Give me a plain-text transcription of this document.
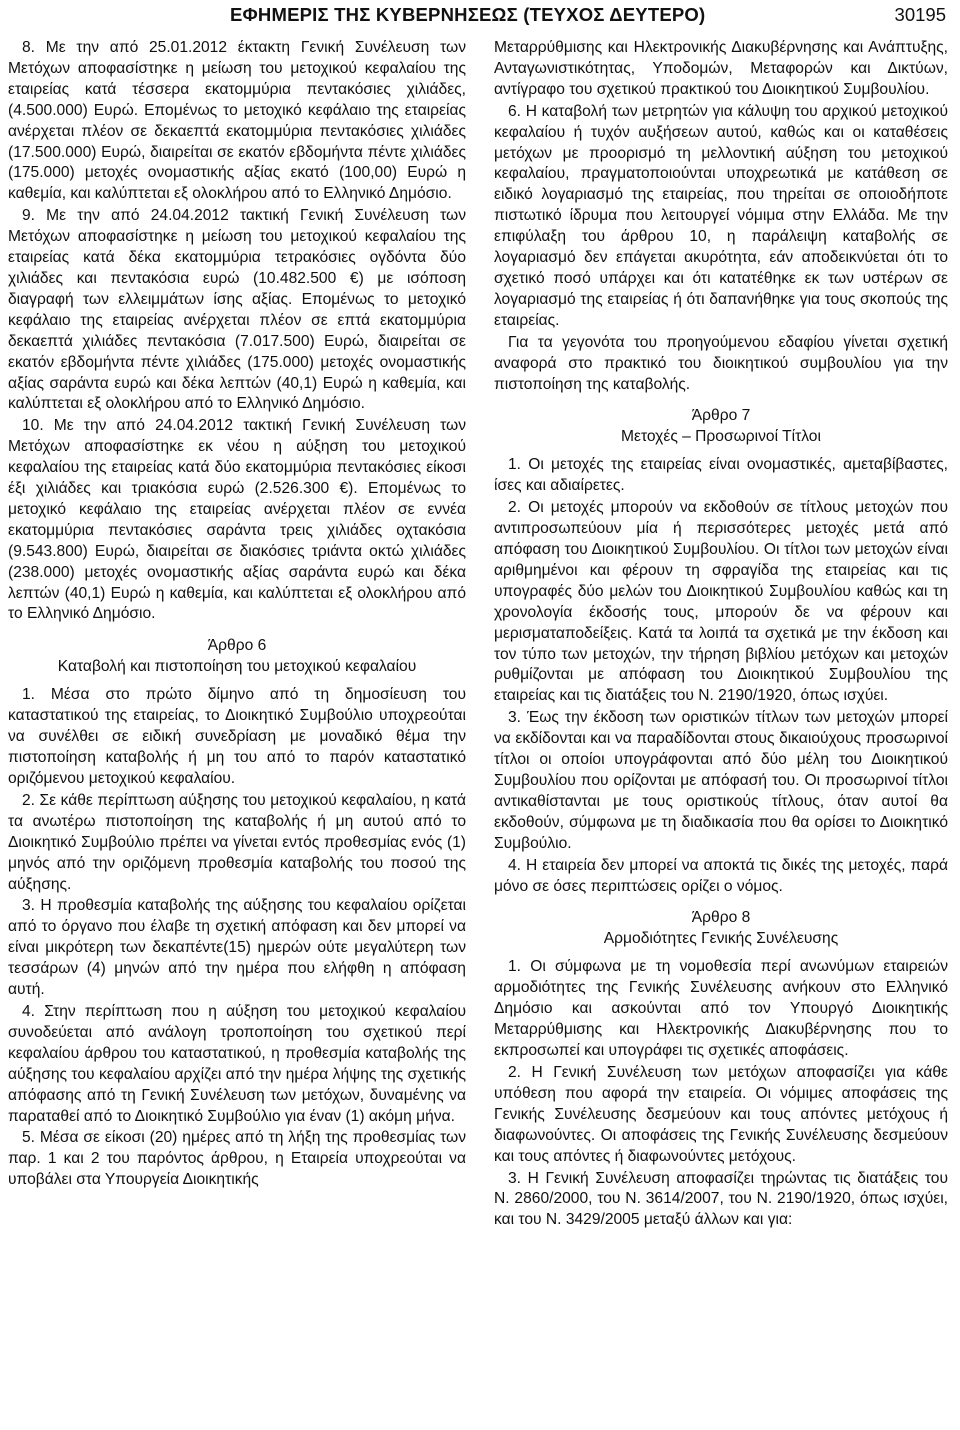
ΕΦΗΜΕΡΙΣ ΤΗΣ ΚΥΒΕΡΝΗΣΕΩΣ (ΤΕΥΧΟΣ ΔΕΥΤΕΡΟ)	30195

8. Με την από 25.01.2012 έκτακτη Γενική Συνέλευση των Μετόχων αποφασίστηκε η μείωση του μετοχικού κεφαλαίου της εταιρείας κατά τέσσερα εκατομμύρια πεντακόσιες χιλιάδες, (4.500.000) Ευρώ. Επομένως το μετοχικό κεφάλαιο της εταιρείας ανέρχεται πλέον σε δεκαεπτά εκατομμύρια πεντακόσιες χιλιάδες (17.500.000) Ευρώ, διαιρείται σε εκατόν εβδομήντα πέντε χιλιάδες (175.000) μετοχές ονομαστικής αξίας εκατό (100,00) Ευρώ η καθεμία, και καλύπτεται εξ ολοκλήρου από το Ελληνικό Δημόσιο.

9. Με την από 24.04.2012 τακτική Γενική Συνέλευση των Μετόχων αποφασίστηκε η μείωση του μετοχικού κεφαλαίου της εταιρείας κατά δέκα εκατομμύρια τετρακόσιες ογδόντα δύο χιλιάδες και πεντακόσια ευρώ (10.482.500 €) με ισόποση διαγραφή των ελλειμμάτων ίσης αξίας. Επομένως το μετοχικό κεφάλαιο της εταιρείας ανέρχεται πλέον σε επτά εκατομμύρια δεκαεπτά χιλιάδες πεντακόσια (7.017.500) Ευρώ, διαιρείται σε εκατόν εβδομήντα πέντε χιλιάδες (175.000) μετοχές ονομαστικής αξίας σαράντα ευρώ και δέκα λεπτών (40,1) Ευρώ η καθεμία, και καλύπτεται εξ ολοκλήρου από το Ελληνικό Δημόσιο.

10. Με την από 24.04.2012 τακτική Γενική Συνέλευση των Μετόχων αποφασίστηκε εκ νέου η αύξηση του μετοχικού κεφαλαίου της εταιρείας κατά δύο εκατομμύρια πεντακόσιες είκοσι έξι χιλιάδες και τριακόσια ευρώ (2.526.300 €). Επομένως το μετοχικό κεφάλαιο της εταιρείας ανέρχεται πλέον σε εννέα εκατομμύρια πεντακόσιες σαράντα τρεις χιλιάδες οχτακόσια (9.543.800) Ευρώ, διαιρείται σε διακόσιες τριάντα οκτώ χιλιάδες (238.000) μετοχές ονομαστικής αξίας σαράντα ευρώ και δέκα λεπτών (40,1) Ευρώ η καθεμία, και καλύπτεται εξ ολοκλήρου από το Ελληνικό Δημόσιο.

Άρθρο 6
Καταβολή και πιστοποίηση του μετοχικού κεφαλαίου

1. Μέσα στο πρώτο δίμηνο από τη δημοσίευση του καταστατικού της εταιρείας, το Διοικητικό Συμβούλιο υποχρεούται να συνέλθει σε ειδική συνεδρίαση με μοναδικό θέμα την πιστοποίηση καταβολής ή μη του από το παρόν καταστατικό οριζόμενου μετοχικού κεφαλαίου.

2. Σε κάθε περίπτωση αύξησης του μετοχικού κεφαλαίου, η κατά τα ανωτέρω πιστοποίηση της καταβολής ή μη αυτού από το Διοικητικό Συμβούλιο πρέπει να γίνεται εντός προθεσμίας ενός (1) μηνός από την οριζόμενη προθεσμία καταβολής του ποσού της αύξησης.

3. Η προθεσμία καταβολής της αύξησης του κεφαλαίου ορίζεται από το όργανο που έλαβε τη σχετική απόφαση και δεν μπορεί να είναι μικρότερη των δεκαπέντε(15) ημερών ούτε μεγαλύτερη των τεσσάρων (4) μηνών από την ημέρα που ελήφθη η απόφαση αυτή.

4. Στην περίπτωση που η αύξηση του μετοχικού κεφαλαίου συνοδεύεται από ανάλογη τροποποίηση του σχετικού περί κεφαλαίου άρθρου του καταστατικού, η προθεσμία καταβολής της αύξησης του κεφαλαίου αρχίζει από την ημέρα λήψης της σχετικής απόφασης από τη Γενική Συνέλευση των μετόχων, δυναμένης να παραταθεί από το Διοικητικό Συμβούλιο για έναν (1) ακόμη μήνα.

5. Μέσα σε είκοσι (20) ημέρες από τη λήξη της προθεσμίας των παρ. 1 και 2 του παρόντος άρθρου, η Εταιρεία υποχρεούται να υποβάλει στα Υπουργεία Διοικητικής

Μεταρρύθμισης και Ηλεκτρονικής Διακυβέρνησης και Ανάπτυξης, Ανταγωνιστικότητας, Υποδομών, Μεταφορών και Δικτύων, αντίγραφο του σχετικού πρακτικού του Διοικητικού Συμβουλίου.

6. Η καταβολή των μετρητών για κάλυψη του αρχικού μετοχικού κεφαλαίου ή τυχόν αυξήσεων αυτού, καθώς και οι καταθέσεις μετόχων με προορισμό τη μελλοντική αύξηση του μετοχικού κεφαλαίου, πραγματοποιούνται υποχρεωτικά με κατάθεση σε ειδικό λογαριασμό της εταιρείας, που τηρείται σε οποιοδήποτε πιστωτικό ίδρυμα που λειτουργεί νόμιμα στην Ελλάδα. Με την επιφύλαξη του άρθρου 10, η παράλειψη καταβολής σε λογαριασμό δεν επάγεται ακυρότητα, εάν αποδεικνύεται ότι το σχετικό ποσό υπάρχει και ότι κατατέθηκε εκ των υστέρων σε λογαριασμό της εταιρείας ή ότι δαπανήθηκε για τους σκοπούς της εταιρείας.

Για τα γεγονότα του προηγούμενου εδαφίου γίνεται σχετική αναφορά στο πρακτικό του διοικητικού συμβουλίου για την πιστοποίηση της καταβολής.

Άρθρο 7
Μετοχές – Προσωρινοί Τίτλοι

1. Οι μετοχές της εταιρείας είναι ονομαστικές, αμεταβίβαστες, ίσες και αδιαίρετες.

2. Οι μετοχές μπορούν να εκδοθούν σε τίτλους μετοχών που αντιπροσωπεύουν μία ή περισσότερες μετοχές μετά από απόφαση του Διοικητικού Συμβουλίου. Οι τίτλοι των μετοχών είναι αριθμημένοι και φέρουν τη σφραγίδα της εταιρείας και τις υπογραφές δύο μελών του Διοικητικού Συμβουλίου καθώς και τη χρονολογία έκδοσής τους, μπορούν δε να φέρουν και μερισματαποδείξεις. Κατά τα λοιπά τα σχετικά με την έκδοση και τον τύπο των μετοχών, την τήρηση βιβλίου μετόχων και μετοχών ρυθμίζονται με απόφαση του Διοικητικού Συμβουλίου της εταιρείας και τις διατάξεις του Ν. 2190/1920, όπως ισχύει.

3. Έως την έκδοση των οριστικών τίτλων των μετοχών μπορεί να εκδίδονται και να παραδίδονται στους δικαιούχους προσωρινοί τίτλοι οι οποίοι υπογράφονται από δύο μέλη του Διοικητικού Συμβουλίου που ορίζονται με απόφασή του. Οι προσωρινοί τίτλοι αντικαθίστανται με τους οριστικούς τίτλους, όταν αυτοί θα εκδοθούν, σύμφωνα με τη διαδικασία που θα ορίσει το Διοικητικό Συμβούλιο.

4. Η εταιρεία δεν μπορεί να αποκτά τις δικές της μετοχές, παρά μόνο σε όσες περιπτώσεις ορίζει ο νόμος.

Άρθρο 8
Αρμοδιότητες Γενικής Συνέλευσης

1. Οι σύμφωνα με τη νομοθεσία περί ανωνύμων εταιρειών αρμοδιότητες της Γενικής Συνέλευσης ανήκουν στο Ελληνικό Δημόσιο και ασκούνται από τον Υπουργό Διοικητικής Μεταρρύθμισης και Ηλεκτρονικής Διακυβέρνησης που το εκπροσωπεί και υπογράφει τις σχετικές αποφάσεις.

2. Η Γενική Συνέλευση των μετόχων αποφασίζει για κάθε υπόθεση που αφορά την εταιρεία. Οι νόμιμες αποφάσεις της Γενικής Συνέλευσης δεσμεύουν και τους απόντες μετόχους ή διαφωνούντες. Οι αποφάσεις της Γενικής Συνέλευσης δεσμεύουν και τους απόντες ή διαφωνούντες μετόχους.

3. Η Γενική Συνέλευση αποφασίζει τηρώντας τις διατάξεις του Ν. 2860/2000, του Ν. 3614/2007, του Ν. 2190/1920, όπως ισχύει, και του Ν. 3429/2005 μεταξύ άλλων και για:
